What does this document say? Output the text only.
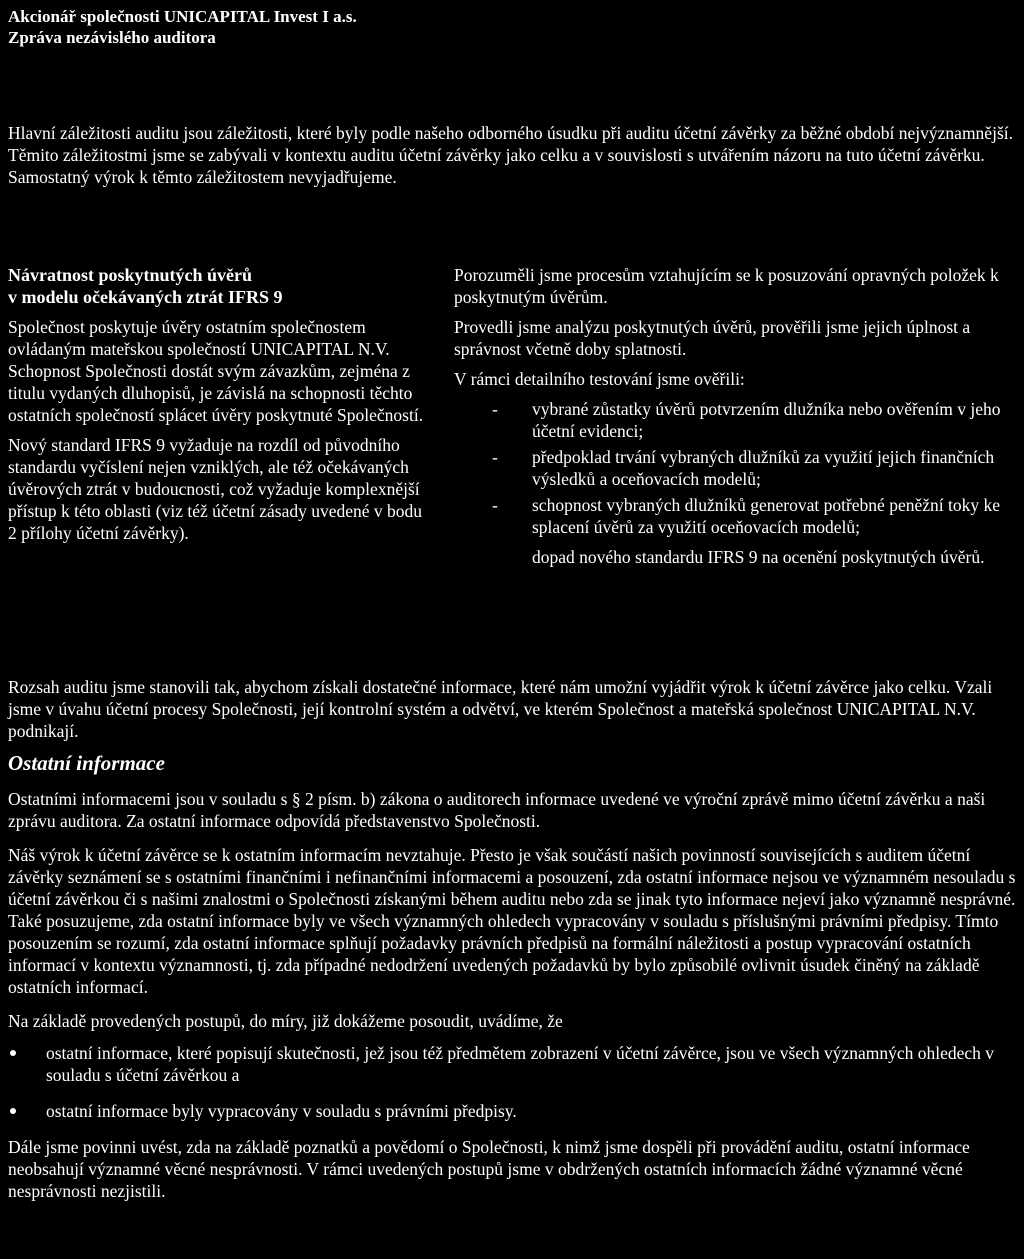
Akcionář společnosti UNICAPITAL Invest I a.s.
Zpráva nezávislého auditora
Hlavní záležitosti auditu jsou záležitosti, které byly podle našeho odborného úsudku při auditu účetní závěrky za běžné období nejvýznamnější. Těmito záležitostmi jsme se zabývali v kontextu auditu účetní závěrky jako celku a v souvislosti s utvářením názoru na tuto účetní závěrku. Samostatný výrok k těmto záležitostem nevyjadřujeme.
Návratnost poskytnutých úvěrů
v modelu očekávaných ztrát IFRS 9
Společnost poskytuje úvěry ostatním společnostem ovládaným mateřskou společností UNICAPITAL N.V. Schopnost Společnosti dostát svým závazkům, zejména z titulu vydaných dluhopisů, je závislá na schopnosti těchto ostatních společností splácet úvěry poskytnuté Společností.
Nový standard IFRS 9 vyžaduje na rozdíl od původního standardu vyčíslení nejen vzniklých, ale též očekávaných úvěrových ztrát v budoucnosti, což vyžaduje komplexnější přístup k této oblasti (viz též účetní zásady uvedené v bodu 2 přílohy účetní závěrky).
Porozuměli jsme procesům vztahujícím se k posuzování opravných položek k poskytnutým úvěrům.
Provedli jsme analýzu poskytnutých úvěrů, prověřili jsme jejich úplnost a správnost včetně doby splatnosti.
V rámci detailního testování jsme ověřili:
- vybrané zůstatky úvěrů potvrzením dlužníka nebo ověřením v jeho účetní evidenci;
- předpoklad trvání vybraných dlužníků za využití jejich finančních výsledků a oceňovacích modelů;
- schopnost vybraných dlužníků generovat potřebné peněžní toky ke splacení úvěrů za využití oceňovacích modelů;
dopad nového standardu IFRS 9 na ocenění poskytnutých úvěrů.
Rozsah auditu jsme stanovili tak, abychom získali dostatečné informace, které nám umožní vyjádřit výrok k účetní závěrce jako celku. Vzali jsme v úvahu účetní procesy Společnosti, její kontrolní systém a odvětví, ve kterém Společnost a mateřská společnost UNICAPITAL N.V. podnikají.
Ostatní informace
Ostatními informacemi jsou v souladu s § 2 písm. b) zákona o auditorech informace uvedené ve výroční zprávě mimo účetní závěrku a naši zprávu auditora. Za ostatní informace odpovídá představenstvo Společnosti.
Náš výrok k účetní závěrce se k ostatním informacím nevztahuje. Přesto je však součástí našich povinností souvisejících s auditem účetní závěrky seznámení se s ostatními finančními i nefinančními informacemi a posouzení, zda ostatní informace nejsou ve významném nesouladu s účetní závěrkou či s našimi znalostmi o Společnosti získanými během auditu nebo zda se jinak tyto informace nejeví jako významně nesprávné. Také posuzujeme, zda ostatní informace byly ve všech významných ohledech vypracovány v souladu s příslušnými právními předpisy. Tímto posouzením se rozumí, zda ostatní informace splňují požadavky právních předpisů na formální náležitosti a postup vypracování ostatních informací v kontextu významnosti, tj. zda případné nedodržení uvedených požadavků by bylo způsobilé ovlivnit úsudek činěný na základě ostatních informací.
Na základě provedených postupů, do míry, již dokážeme posoudit, uvádíme, že
ostatní informace, které popisují skutečnosti, jež jsou též předmětem zobrazení v účetní závěrce, jsou ve všech významných ohledech v souladu s účetní závěrkou a
ostatní informace byly vypracovány v souladu s právními předpisy.
Dále jsme povinni uvést, zda na základě poznatků a povědomí o Společnosti, k nimž jsme dospěli při provádění auditu, ostatní informace neobsahují významné věcné nesprávnosti. V rámci uvedených postupů jsme v obdržených ostatních informacích žádné významné věcné nesprávnosti nezjistili.
